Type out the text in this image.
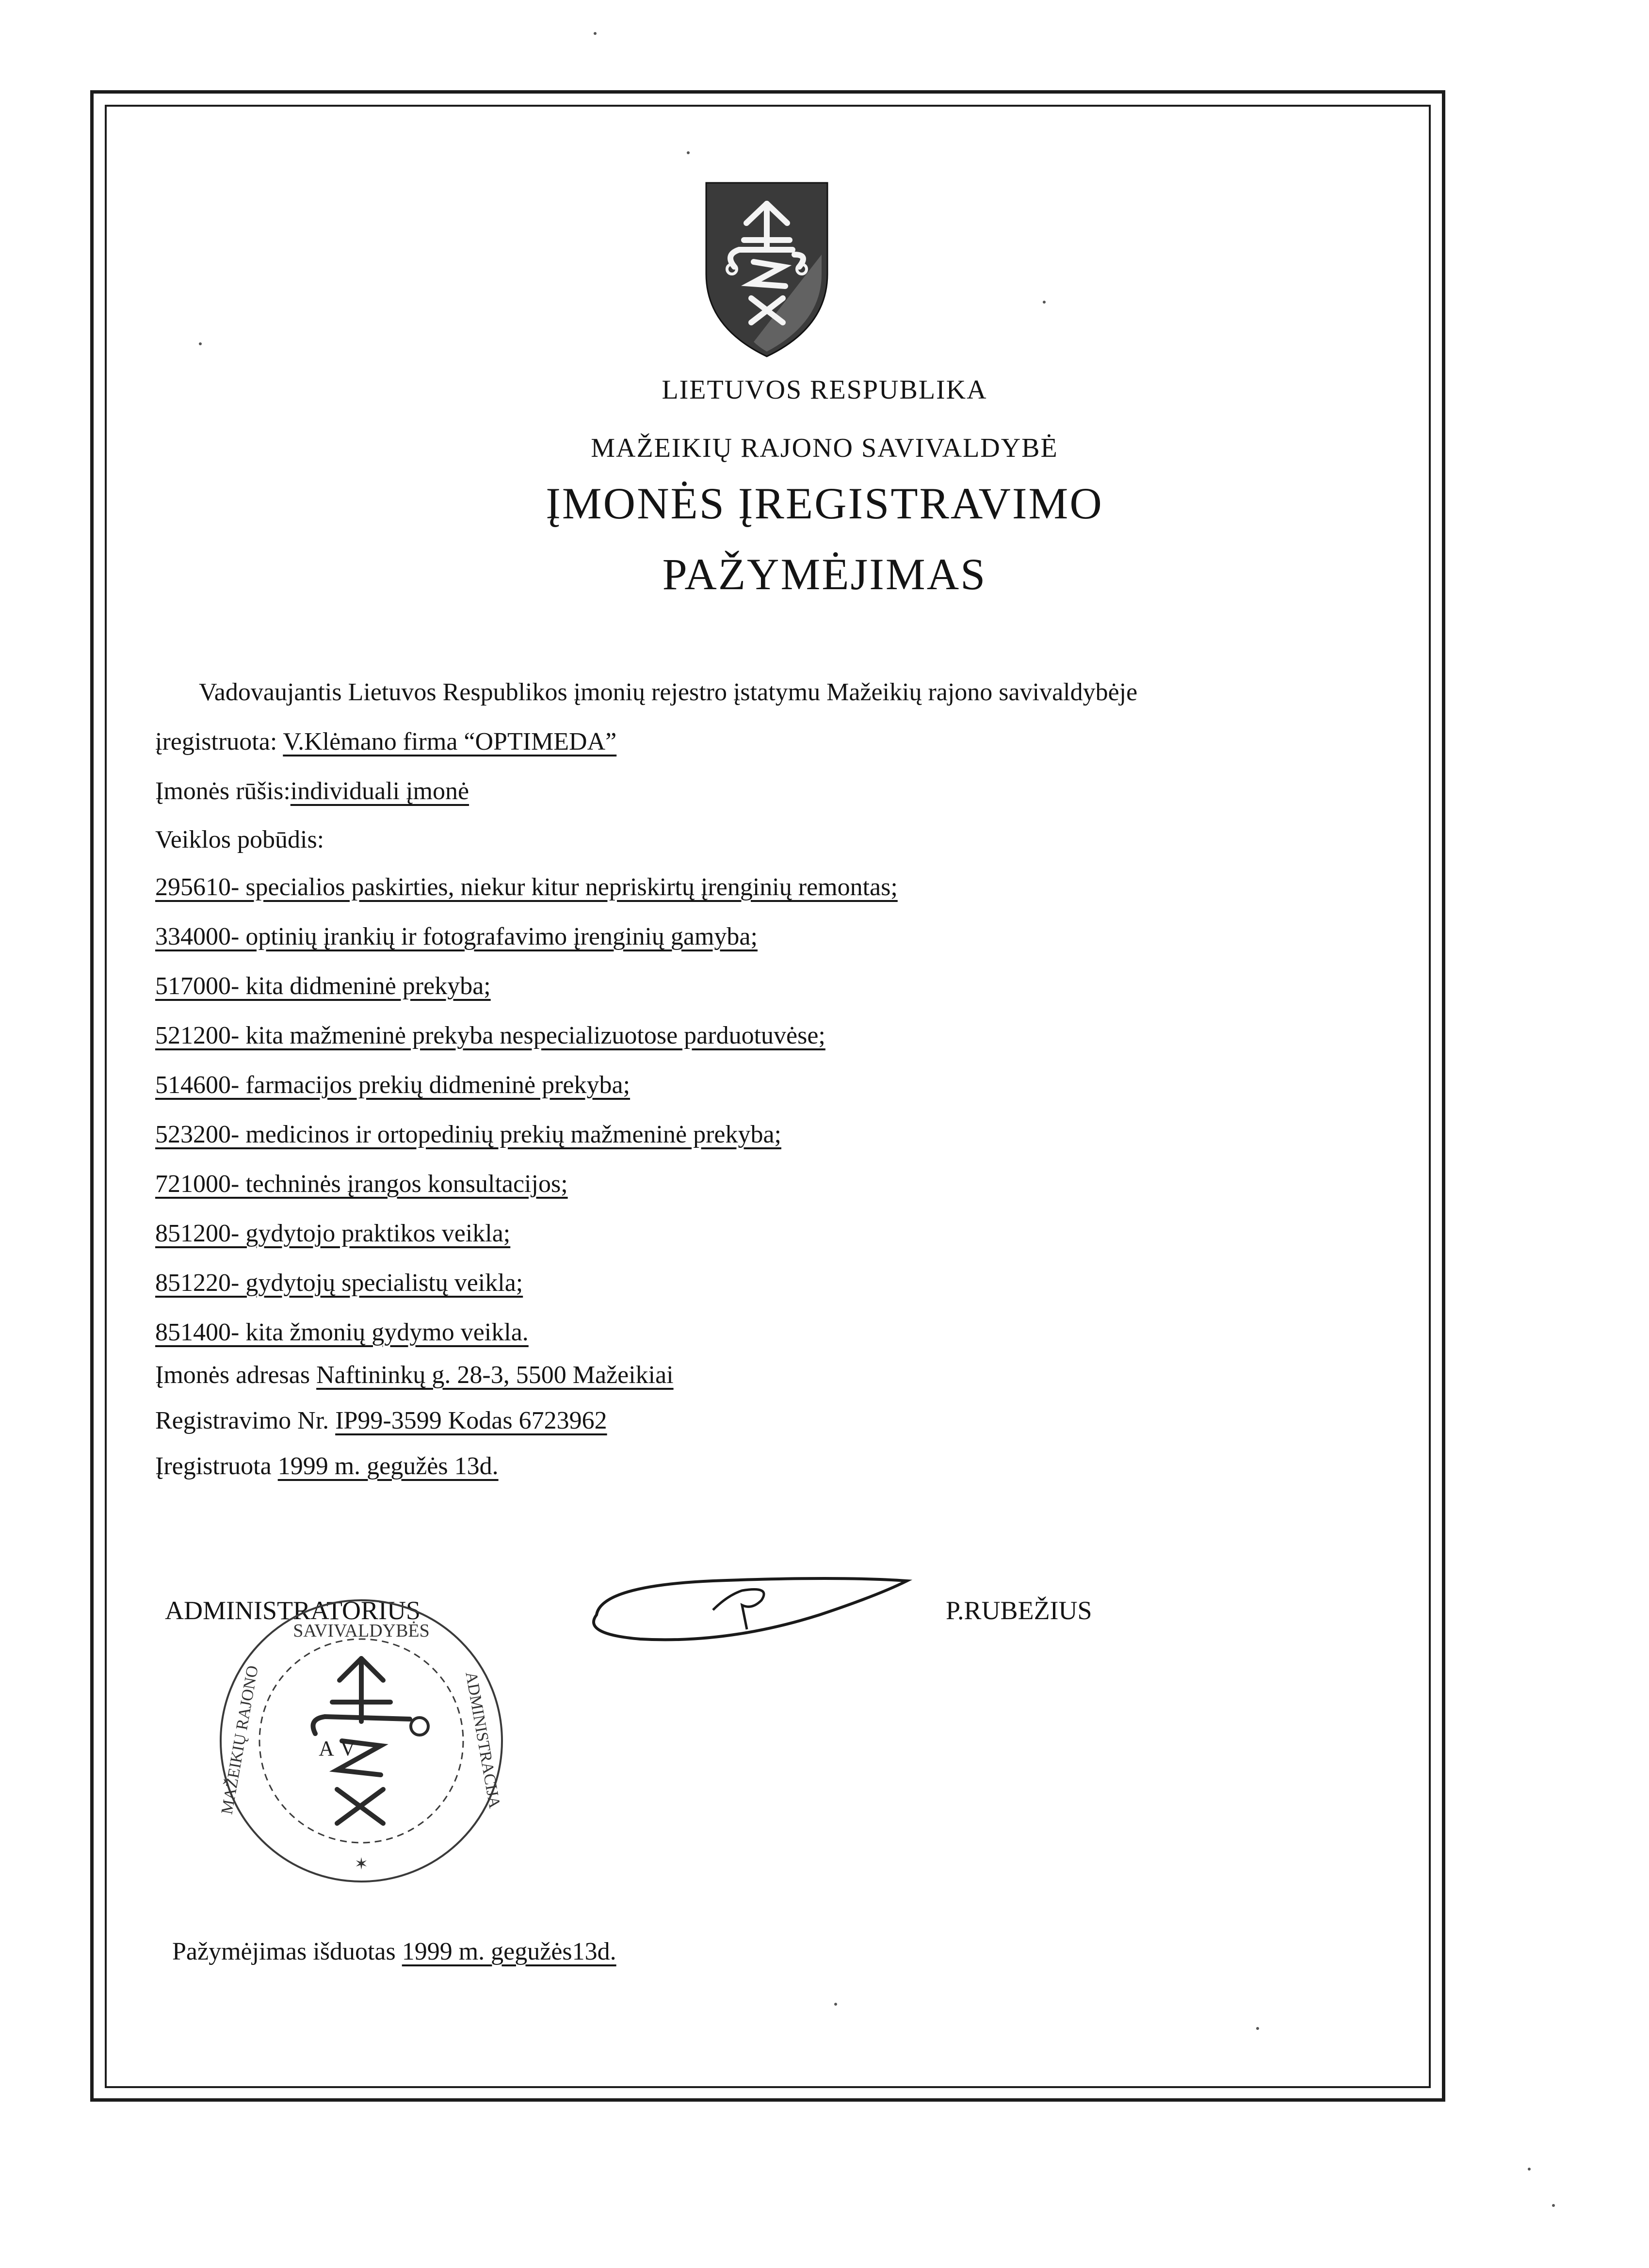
LIETUVOS RESPUBLIKA
MAŽEIKIŲ RAJONO SAVIVALDYBĖ
ĮMONĖS ĮREGISTRAVIMO
PAŽYMĖJIMAS
Vadovaujantis Lietuvos Respublikos įmonių rejestro įstatymu Mažeikių rajono savivaldybėje
įregistruota: V.Klėmano firma “OPTIMEDA”
Įmonės rūšis:individuali įmonė
Veiklos pobūdis:
295610- specialios paskirties, niekur kitur nepriskirtų įrenginių remontas;
334000- optinių įrankių ir fotografavimo įrenginių gamyba;
517000- kita didmeninė prekyba;
521200- kita mažmeninė prekyba nespecializuotose parduotuvėse;
514600- farmacijos prekių didmeninė prekyba;
523200- medicinos ir ortopedinių prekių mažmeninė prekyba;
721000- techninės įrangos konsultacijos;
851200- gydytojo praktikos veikla;
851220- gydytojų specialistų veikla;
851400- kita žmonių gydymo veikla.
Įmonės adresas Naftininkų g. 28-3, 5500 Mažeikiai
Registravimo Nr. IP99-3599 Kodas 6723962
Įregistruota 1999 m. gegužės 13d.
ADMINISTRATORIUS	P.RUBEŽIUS
SAVIVALDYBĖS
MAŽEIKIŲ RAJONO	ADMINISTRACIJA
A V
✶
Pažymėjimas išduotas 1999 m. gegužės13d.
